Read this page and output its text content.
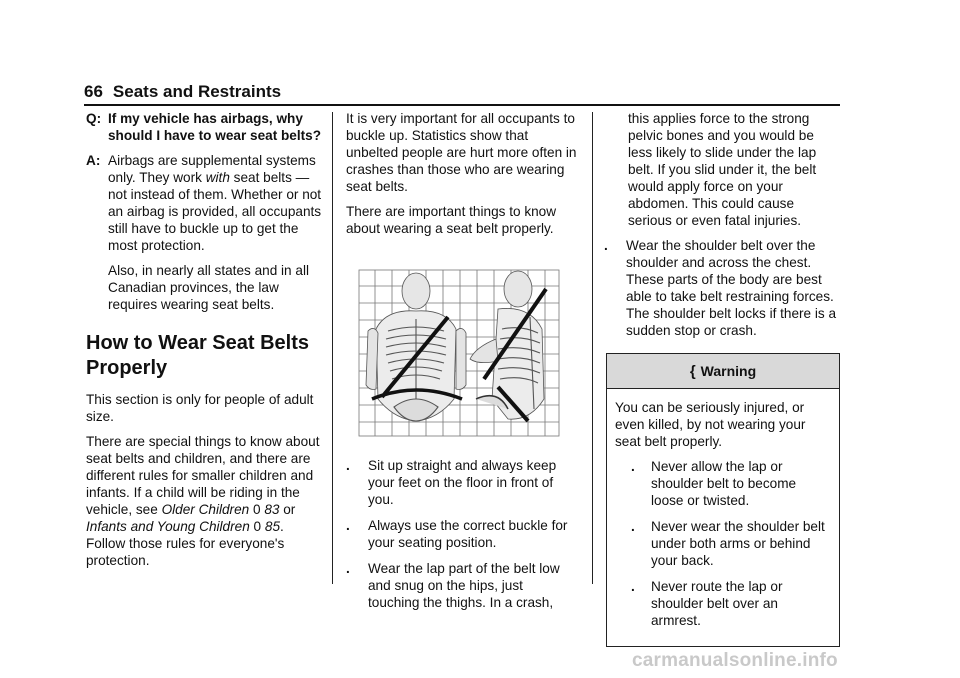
66 Seats and Restraints
Q: If my vehicle has airbags, why should I have to wear seat belts?
A: Airbags are supplemental systems only. They work with seat belts — not instead of them. Whether or not an airbag is provided, all occupants still have to buckle up to get the most protection.

Also, in nearly all states and in all Canadian provinces, the law requires wearing seat belts.

How to Wear Seat Belts Properly

This section is only for people of adult size.

There are special things to know about seat belts and children, and there are different rules for smaller children and infants. If a child will be riding in the vehicle, see Older Children 0 83 or Infants and Young Children 0 85. Follow those rules for everyone's protection.

It is very important for all occupants to buckle up. Statistics show that unbelted people are hurt more often in crashes than those who are wearing seat belts.

There are important things to know about wearing a seat belt properly.

.	Sit up straight and always keep your feet on the floor in front of you.
.	Always use the correct buckle for your seating position.
.	Wear the lap part of the belt low and snug on the hips, just touching the thighs. In a crash,

this applies force to the strong pelvic bones and you would be less likely to slide under the lap belt. If you slid under it, the belt would apply force on your abdomen. This could cause serious or even fatal injuries.

.	Wear the shoulder belt over the shoulder and across the chest. These parts of the body are best able to take belt restraining forces. The shoulder belt locks if there is a sudden stop or crash.
{ Warning

You can be seriously injured, or even killed, by not wearing your seat belt properly.

.	Never allow the lap or shoulder belt to become loose or twisted.
.	Never wear the shoulder belt under both arms or behind your back.
.	Never route the lap or shoulder belt over an armrest.
carmanualsonline.info
